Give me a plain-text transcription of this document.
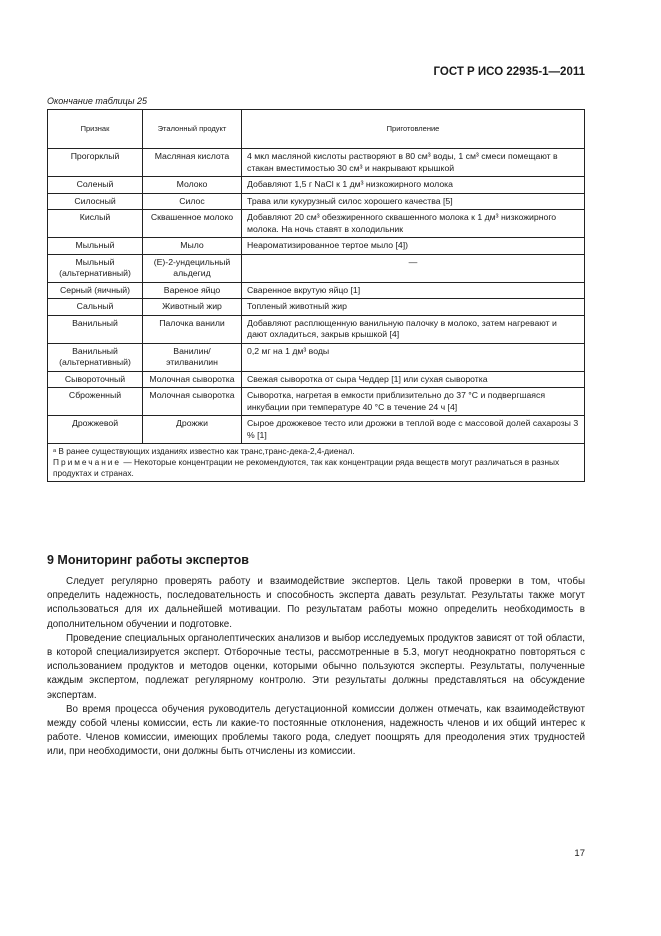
ГОСТ Р ИСО 22935-1—2011
Окончание таблицы 25
Признак	Эталонный продукт	Приготовление
Прогорклый	Масляная кислота	4 мкл масляной кислоты растворяют в 80 см³ воды, 1 см³ смеси помещают в стакан вместимостью 30 см³ и накрывают крышкой
Соленый	Молоко	Добавляют 1,5 г NaCl к 1 дм³ низкожирного молока
Силосный	Силос	Трава или кукурузный силос хорошего качества [5]
Кислый	Сквашенное молоко	Добавляют 20 см³ обезжиренного сквашенного молока к 1 дм³ низкожирного молока. На ночь ставят в холодильник
Мыльный	Мыло	Неароматизированное тертое мыло [4])
Мыльный (альтернативный)	(E)-2-ундецильный альдегид	—
Серный (яичный)	Вареное яйцо	Сваренное вкрутую яйцо [1]
Сальный	Животный жир	Топленый животный жир
Ванильный	Палочка ванили	Добавляют расплющенную ванильную палочку в молоко, затем нагревают и дают охладиться, закрыв крышкой [4]
Ванильный (альтернативный)	Ванилин/ этилванилин	0,2 мг на 1 дм³ воды
Сывороточный	Молочная сыворотка	Свежая сыворотка от сыра Чеддер [1] или сухая сыворотка
Сброженный	Молочная сыворотка	Сыворотка, нагретая в емкости приблизительно до 37 °С и подвергшаяся инкубации при температуре 40 °С в течение 24 ч [4]
Дрожжевой	Дрожжи	Сырое дрожжевое тесто или дрожжи в теплой воде с массовой долей сахарозы 3 % [1]

ᵃ В ранее существующих изданиях известно как транс,транс-дека-2,4-диенал.
Примечание — Некоторые концентрации не рекомендуются, так как концентрации ряда веществ могут различаться в разных продуктах и странах.		
9 Мониторинг работы экспертов

Следует регулярно проверять работу и взаимодействие экспертов. Цель такой проверки в том, чтобы определить надежность, последовательность и способность эксперта давать результат. Результаты также могут использоваться для их дальнейшей мотивации. По результатам работы можно определить необходимость в дополнительном обучении и подготовке.

Проведение специальных органолептических анализов и выбор исследуемых продуктов зависят от той области, в которой специализируется эксперт. Отборочные тесты, рассмотренные в 5.3, могут неоднократно повторяться с использованием продуктов и методов оценки, которыми обычно пользуются эксперты. Результаты, полученные каждым экспертом, подлежат регулярному контролю. Эти результаты должны представляться на обсуждение экспертам.

Во время процесса обучения руководитель дегустационной комиссии должен отмечать, как взаимодействуют между собой члены комиссии, есть ли какие-то постоянные отклонения, надежность членов и их общий интерес к работе. Членов комиссии, имеющих проблемы такого рода, следует поощрять для преодоления этих трудностей или, при необходимости, они должны быть отчислены из комиссии.

17
